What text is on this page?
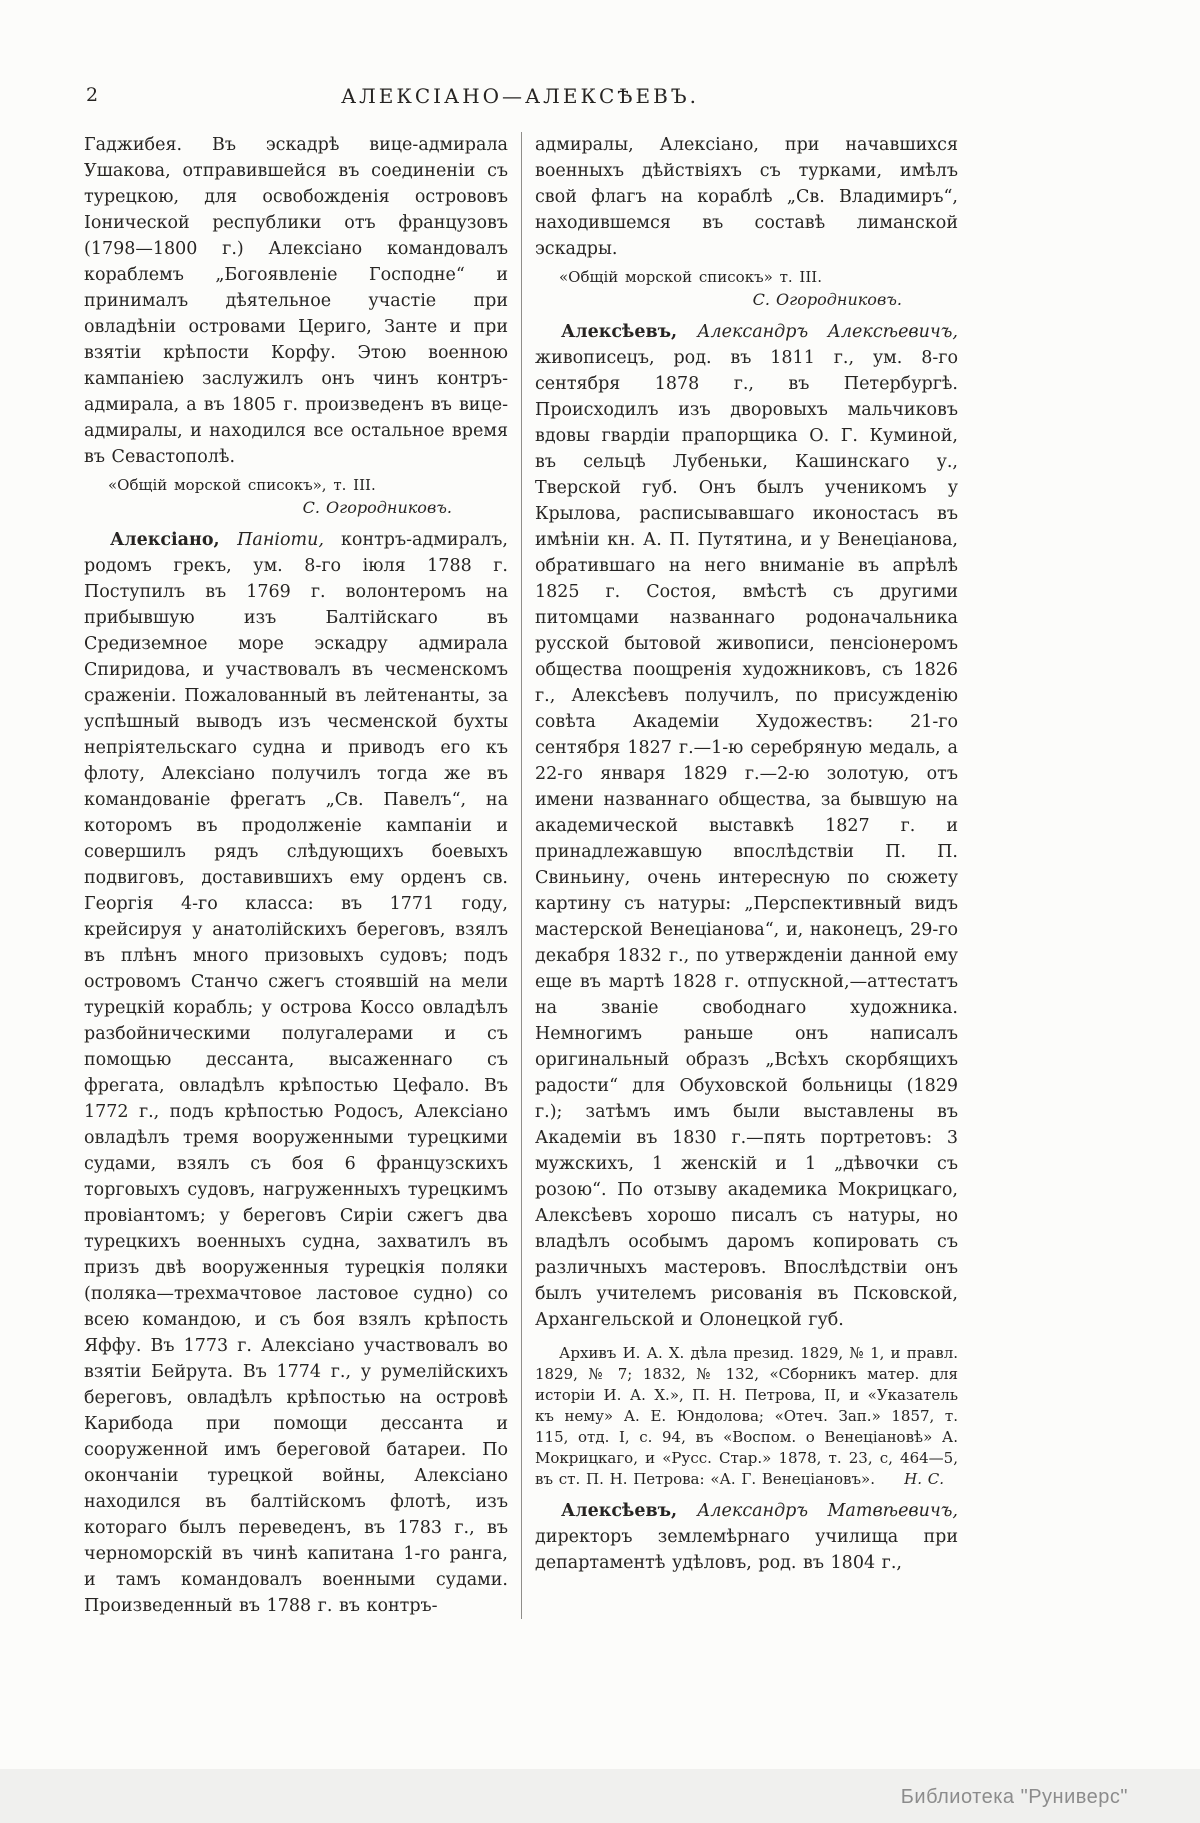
2	АЛЕКСІАНО—АЛЕКСѢЕВЪ.

Гаджибея. Въ эскадрѣ вице-адмирала Ушакова, отправившейся въ соединеніи съ турецкою, для освобожденія острововъ Іонической республики отъ французовъ (1798—1800 г.) Алексіано командовалъ кораблемъ „Богоявленіе Господне“ и принималъ дѣятельное участіе при овладѣніи островами Цериго, Занте и при взятіи крѣпости Корфу. Этою военною кампаніею заслужилъ онъ чинъ контръ-адмирала, а въ 1805 г. произведенъ въ вице-адмиралы, и находился все остальное время въ Севастополѣ.

«Общій морской списокъ», т. III.

С. Огородниковъ.

Алексіано, Паніоти, контръ-адмиралъ, родомъ грекъ, ум. 8-го іюля 1788 г. Поступилъ въ 1769 г. волонтеромъ на прибывшую изъ Балтійскаго въ Средиземное море эскадру адмирала Спиридова, и участвовалъ въ чесменскомъ сраженіи. Пожалованный въ лейтенанты, за успѣшный выводъ изъ чесменской бухты непріятельскаго судна и приводъ его къ флоту, Алексіано получилъ тогда же въ командованіе фрегатъ „Св. Павелъ“, на которомъ въ продолженіе кампаніи и совершилъ рядъ слѣдующихъ боевыхъ подвиговъ, доставившихъ ему орденъ св. Георгія 4-го класса: въ 1771 году, крейсируя у анатолійскихъ береговъ, взялъ въ плѣнъ много призовыхъ судовъ; подъ островомъ Станчо сжегъ стоявшій на мели турецкій корабль; у острова Коссо овладѣлъ разбойническими полугалерами и съ помощью дессанта, высаженнаго съ фрегата, овладѣлъ крѣпостью Цефало. Въ 1772 г., подъ крѣпостью Родосъ, Алексіано овладѣлъ тремя вооруженными турецкими судами, взялъ съ боя 6 французскихъ торговыхъ судовъ, нагруженныхъ турецкимъ провіантомъ; у береговъ Сиріи сжегъ два турецкихъ военныхъ судна, захватилъ въ призъ двѣ вооруженныя турецкія поляки (поляка—трехмачтовое ластовое судно) со всею командою, и съ боя взялъ крѣпость Яффу. Въ 1773 г. Алексіано участвовалъ во взятіи Бейрута. Въ 1774 г., у румелійскихъ береговъ, овладѣлъ крѣпостью на островѣ Карибода при помощи дессанта и сооруженной имъ береговой батареи. По окончаніи турецкой войны, Алексіано находился въ балтійскомъ флотѣ, изъ котораго былъ переведенъ, въ 1783 г., въ черноморскій въ чинѣ капитана 1-го ранга, и тамъ командовалъ военными судами. Произведенный въ 1788 г. въ контръ-

адмиралы, Алексіано, при начавшихся военныхъ дѣйствіяхъ съ турками, имѣлъ свой флагъ на кораблѣ „Св. Владимиръ“, находившемся въ составѣ лиманской эскадры.

«Общій морской списокъ» т. III.

С. Огородниковъ.

Алексѣевъ, Александръ Алексѣевичъ, живописецъ, род. въ 1811 г., ум. 8-го сентября 1878 г., въ Петербургѣ. Происходилъ изъ дворовыхъ мальчиковъ вдовы гвардіи прапорщика О. Г. Куминой, въ сельцѣ Лубеньки, Кашинскаго у., Тверской губ. Онъ былъ ученикомъ у Крылова, расписывавшаго иконостасъ въ имѣніи кн. А. П. Путятина, и у Венеціанова, обратившаго на него вниманіе въ апрѣлѣ 1825 г. Состоя, вмѣстѣ съ другими питомцами названнаго родоначальника русской бытовой живописи, пенсіонеромъ общества поощренія художниковъ, съ 1826 г., Алексѣевъ получилъ, по присужденію совѣта Академіи Художествъ: 21-го сентября 1827 г.—1-ю серебряную медаль, а 22-го января 1829 г.—2-ю золотую, отъ имени названнаго общества, за бывшую на академической выставкѣ 1827 г. и принадлежавшую впослѣдствіи П. П. Свиньину, очень интересную по сюжету картину съ натуры: „Перспективный видъ мастерской Венеціанова“, и, наконецъ, 29-го декабря 1832 г., по утвержденіи данной ему еще въ мартѣ 1828 г. отпускной,—аттестатъ на званіе свободнаго художника. Немногимъ раньше онъ написалъ оригинальный образъ „Всѣхъ скорбящихъ радости“ для Обуховской больницы (1829 г.); затѣмъ имъ были выставлены въ Академіи въ 1830 г.—пять портретовъ: 3 мужскихъ, 1 женскій и 1 „дѣвочки съ розою“. По отзыву академика Мокрицкаго, Алексѣевъ хорошо писалъ съ натуры, но владѣлъ особымъ даромъ копировать съ различныхъ мастеровъ. Впослѣдствіи онъ былъ учителемъ рисованія въ Псковской, Архангельской и Олонецкой губ.

Архивъ И. А. Х. дѣла презид. 1829, № 1, и правл. 1829, № 7; 1832, № 132, «Сборникъ матер. для исторіи И. А. Х.», П. Н. Петрова, II, и «Указатель къ нему» А. Е. Юндолова; «Отеч. Зап.» 1857, т. 115, отд. I, с. 94, въ «Воспом. о Венеціановѣ» А. Мокрицкаго, и «Русс. Стар.» 1878, т. 23, с, 464—5, въ ст. П. Н. Петрова: «А. Г. Венеціановъ».	Н. С.

Алексѣевъ, Александръ Матвѣевичъ, директоръ землемѣрнаго училища при департаментѣ удѣловъ, род. въ 1804 г.,

Библиотека "Руниверс"
